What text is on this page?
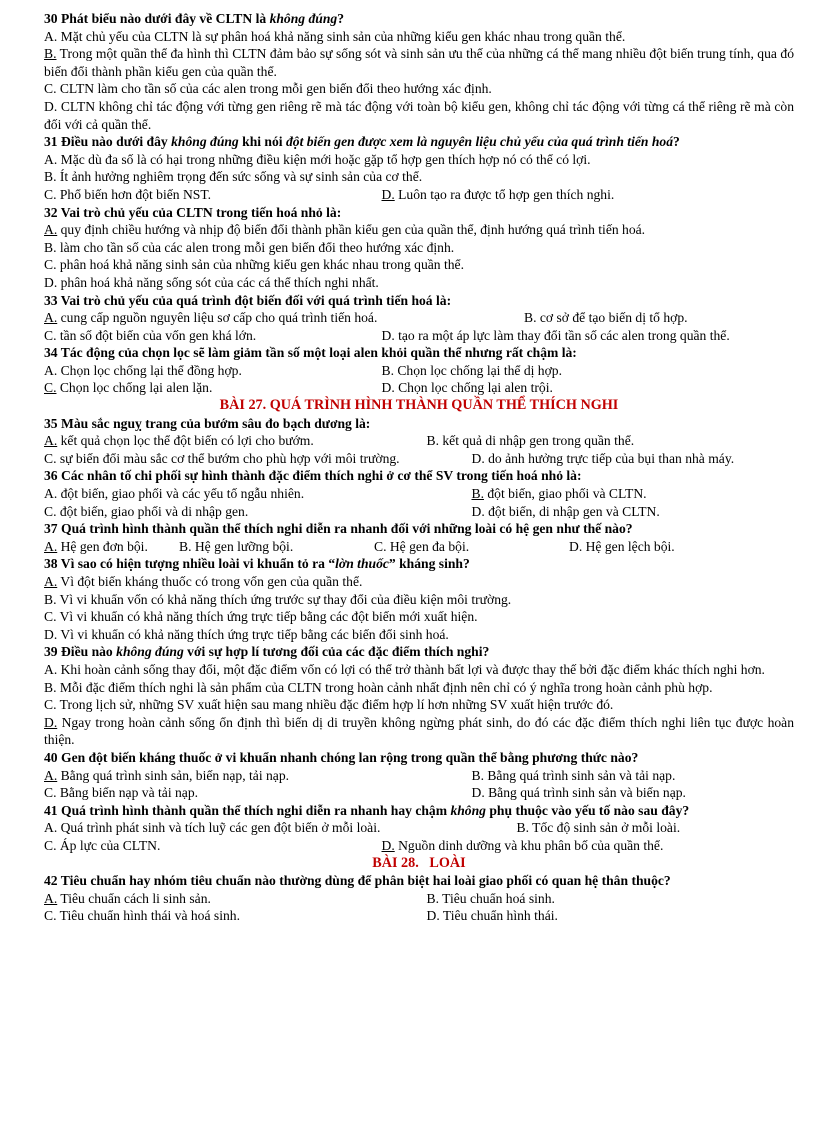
30 Phát biểu nào dưới đây về CLTN là không đúng?
A. Mặt chủ yếu của CLTN là sự phân hoá khả năng sinh sản của những kiểu gen khác nhau trong quần thể.
B. Trong một quần thể đa hình thì CLTN đảm bảo sự sống sót và sinh sản ưu thế của những cá thể mang nhiều đột biến trung tính, qua đó biến đổi thành phần kiểu gen của quần thể.
C. CLTN làm cho tần số của các alen trong mỗi gen biến đổi theo hướng xác định.
D. CLTN không chỉ tác động với từng gen riêng rẽ mà tác động với toàn bộ kiểu gen, không chỉ tác động với từng cá thể riêng rẽ mà còn đối với cả quần thể.
31 Điều nào dưới đây không đúng khi nói đột biến gen được xem là nguyên liệu chủ yếu của quá trình tiến hoá?
A. Mặc dù đa số là có hại trong những điều kiện mới hoặc gặp tổ hợp gen thích hợp nó có thể có lợi.
B. Ít ảnh hưởng nghiêm trọng đến sức sống và sự sinh sản của cơ thể.
C. Phổ biến hơn đột biến NST.	D. Luôn tạo ra được tổ hợp gen thích nghi.
32 Vai trò chủ yếu của CLTN trong tiến hoá nhỏ là:
A. quy định chiều hướng và nhịp độ biến đổi thành phần kiểu gen của quần thể, định hướng quá trình tiến hoá.
B. làm cho tần số của các alen trong mỗi gen biến đổi theo hướng xác định.
C. phân hoá khả năng sinh sản của những kiểu gen khác nhau trong quần thể.
D. phân hoá khả năng sống sót của các cá thể thích nghi nhất.
33 Vai trò chủ yếu của quá trình đột biến đối với quá trình tiến hoá là:
A. cung cấp nguồn nguyên liệu sơ cấp cho quá trình tiến hoá.	B. cơ sở để tạo biến dị tổ hợp.
C. tần số đột biến của vốn gen khá lớn.	D. tạo ra một áp lực làm thay đổi tần số các alen trong quần thể.
34 Tác động của chọn lọc sẽ làm giảm tần số một loại alen khỏi quần thể nhưng rất chậm là:
A. Chọn lọc chống lại thể đồng hợp.	B. Chọn lọc chống lại thể dị hợp.
C. Chọn lọc chống lại alen lặn.	D. Chọn lọc chống lại alen trội.
BÀI 27. QUÁ TRÌNH HÌNH THÀNH QUẦN THỂ THÍCH NGHI
35 Màu sắc nguỵ trang của bướm sâu đo bạch dương là:
A. kết quả chọn lọc thể đột biến có lợi cho bướm.	B. kết quả di nhập gen trong quần thể.
C. sự biến đổi màu sắc cơ thể bướm cho phù hợp với môi trường.	D. do ảnh hưởng trực tiếp của bụi than nhà máy.
36 Các nhân tố chi phối sự hình thành đặc điểm thích nghi ở cơ thể SV trong tiến hoá nhỏ là:
A. đột biến, giao phối và các yếu tố ngẫu nhiên.	B. đột biến, giao phối và CLTN.
C. đột biến, giao phối và di nhập gen.	D. đột biến, di nhập gen và CLTN.
37 Quá trình hình thành quần thể thích nghi diễn ra nhanh đối với những loài có hệ gen như thế nào?
A. Hệ gen đơn bội.	B. Hệ gen lưỡng bội.	C. Hệ gen đa bội.	D. Hệ gen lệch bội.
38 Vì sao có hiện tượng nhiều loài vi khuẩn tỏ ra “lờn thuốc” kháng sinh?
A. Vì đột biến kháng thuốc có trong vốn gen của quần thể.
B. Vì vi khuẩn vốn có khả năng thích ứng trước sự thay đổi của điều kiện môi trường.
C. Vì vi khuẩn có khả năng thích ứng trực tiếp bằng các đột biến mới xuất hiện.
D. Vì vi khuẩn có khả năng thích ứng trực tiếp bằng các biến đổi sinh hoá.
39 Điều nào không đúng với sự hợp lí tương đối của các đặc điểm thích nghi?
A. Khi hoàn cảnh sống thay đổi, một đặc điểm vốn có lợi có thể trở thành bất lợi và được thay thế bởi đặc điểm khác thích nghi hơn.
B. Mỗi đặc điểm thích nghi là sản phẩm của CLTN trong hoàn cảnh nhất định nên chỉ có ý nghĩa trong hoàn cảnh phù hợp.
C. Trong lịch sử, những SV xuất hiện sau mang nhiều đặc điểm hợp lí hơn những SV xuất hiện trước đó.
D. Ngay trong hoàn cảnh sống ổn định thì biến dị di truyền không ngừng phát sinh, do đó các đặc điểm thích nghi liên tục được hoàn thiện.
40 Gen đột biến kháng thuốc ở vi khuẩn nhanh chóng lan rộng trong quần thể bằng phương thức nào?
A. Bằng quá trình sinh sản, biến nạp, tải nạp.	B. Bằng quá trình sinh sản và tải nạp.
C. Bằng biến nạp và tải nạp.	D. Bằng quá trình sinh sản và biến nạp.
41 Quá trình hình thành quần thể thích nghi diễn ra nhanh hay chậm không phụ thuộc vào yếu tố nào sau đây?
A. Quá trình phát sinh và tích luỹ các gen đột biến ở mỗi loài.	B. Tốc độ sinh sản ở mỗi loài.
C. Áp lực của CLTN.	D. Nguồn dinh dưỡng và khu phân bố của quần thể.
BÀI 28.   LOÀI
42 Tiêu chuẩn hay nhóm tiêu chuẩn nào thường dùng để phân biệt hai loài giao phối có quan hệ thân thuộc?
A. Tiêu chuẩn cách li sinh sản.	B. Tiêu chuẩn hoá sinh.
C. Tiêu chuẩn hình thái và hoá sinh.	D. Tiêu chuẩn hình thái.
